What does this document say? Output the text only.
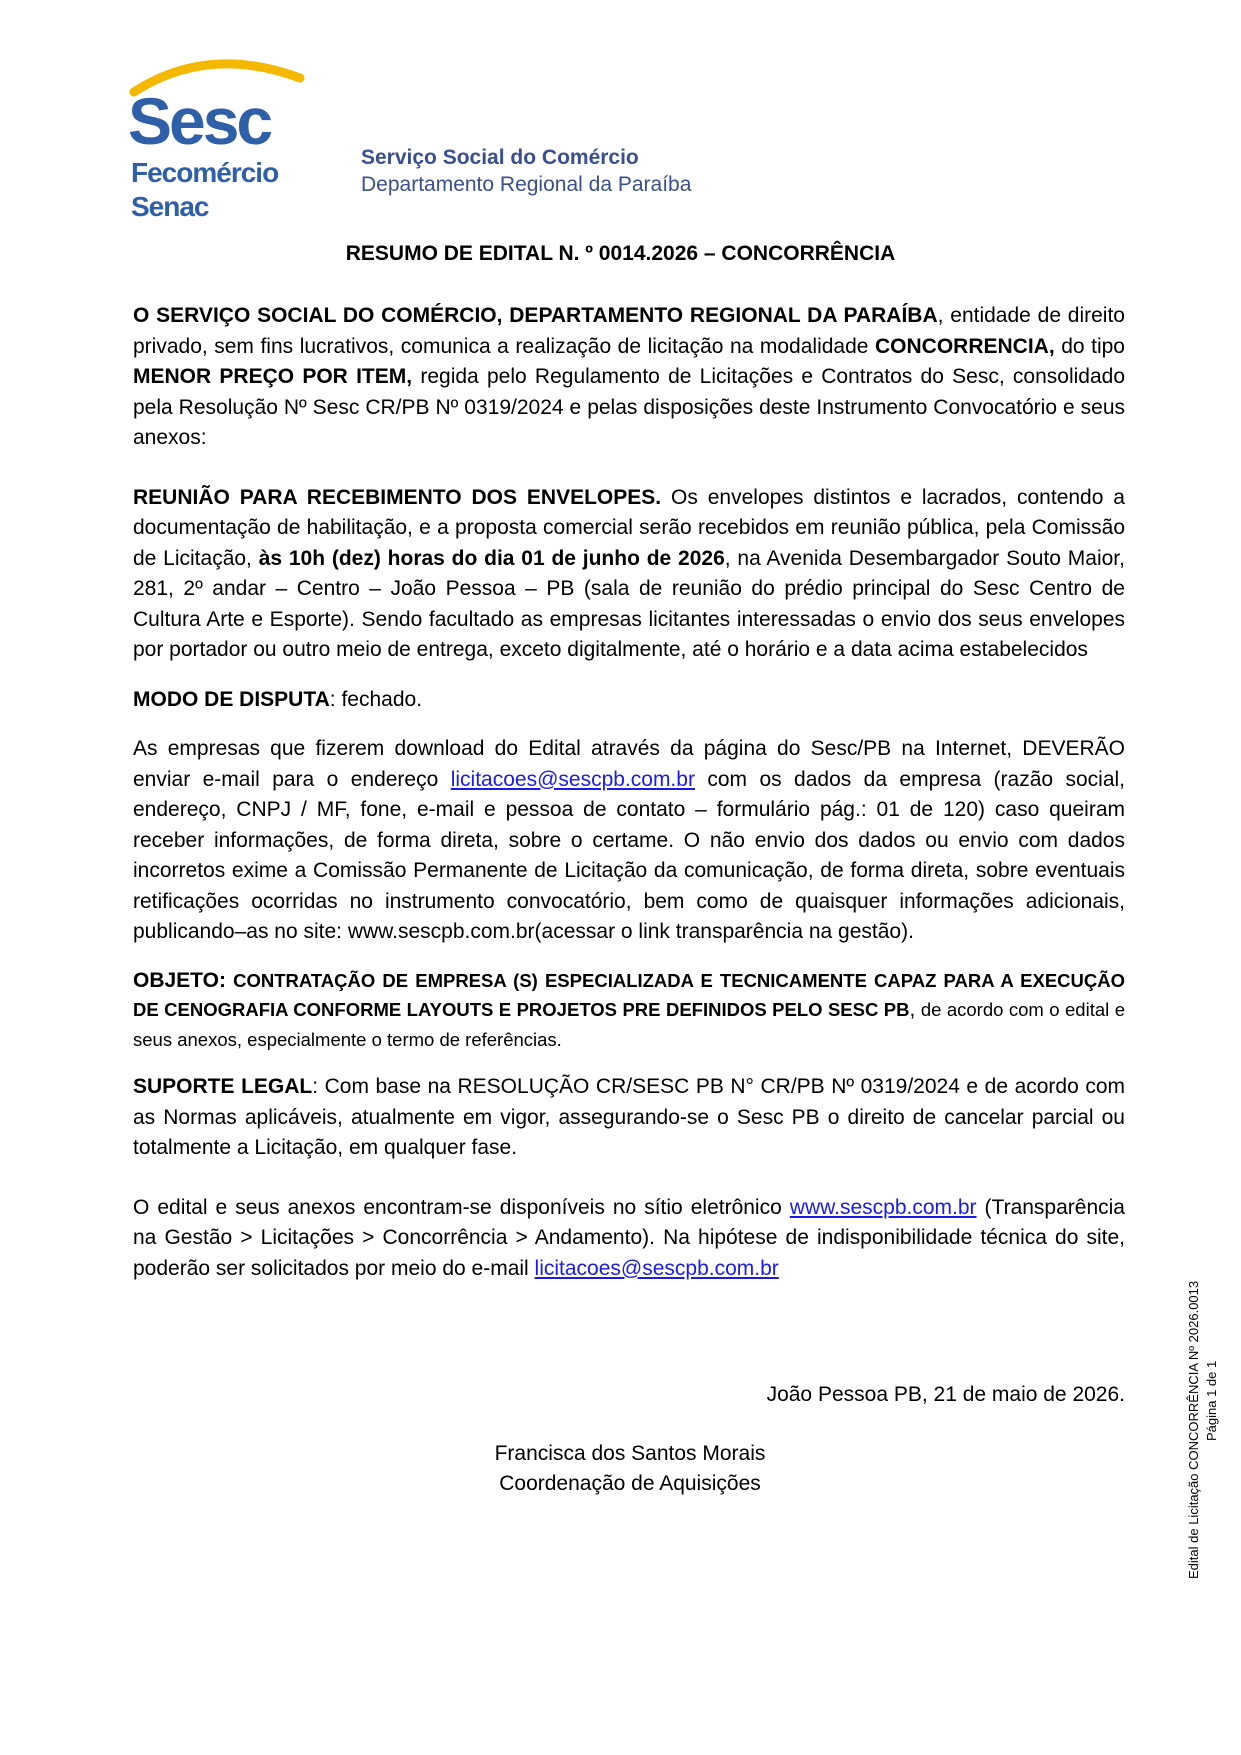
Sesc
Fecomércio
Senac
Serviço Social do Comércio
Departamento Regional da Paraíba
RESUMO DE EDITAL N. º 0014.2026 – CONCORRÊNCIA

O SERVIÇO SOCIAL DO COMÉRCIO, DEPARTAMENTO REGIONAL DA PARAÍBA, entidade de direito privado, sem fins lucrativos, comunica a realização de licitação na modalidade CONCORRENCIA, do tipo MENOR PREÇO POR ITEM, regida pelo Regulamento de Licitações e Contratos do Sesc, consolidado pela Resolução Nº Sesc CR/PB Nº 0319/2024 e pelas disposições deste Instrumento Convocatório e seus anexos:

REUNIÃO PARA RECEBIMENTO DOS ENVELOPES. Os envelopes distintos e lacrados, contendo a documentação de habilitação, e a proposta comercial serão recebidos em reunião pública, pela Comissão de Licitação, às 10h (dez) horas do dia 01 de junho de 2026, na Avenida Desembargador Souto Maior, 281, 2º andar – Centro – João Pessoa – PB (sala de reunião do prédio principal do Sesc Centro de Cultura Arte e Esporte). Sendo facultado as empresas licitantes interessadas o envio dos seus envelopes por portador ou outro meio de entrega, exceto digitalmente, até o horário e a data acima estabelecidos

MODO DE DISPUTA: fechado.

As empresas que fizerem download do Edital através da página do Sesc/PB na Internet, DEVERÃO enviar e-mail para o endereço licitacoes@sescpb.com.br com os dados da empresa (razão social, endereço, CNPJ / MF, fone, e-mail e pessoa de contato – formulário pág.: 01 de 120) caso queiram receber informações, de forma direta, sobre o certame. O não envio dos dados ou envio com dados incorretos exime a Comissão Permanente de Licitação da comunicação, de forma direta, sobre eventuais retificações ocorridas no instrumento convocatório, bem como de quaisquer informações adicionais, publicando–as no site: www.sescpb.com.br(acessar o link transparência na gestão).

OBJETO: CONTRATAÇÃO DE EMPRESA (S) ESPECIALIZADA E TECNICAMENTE CAPAZ PARA A EXECUÇÃO DE CENOGRAFIA CONFORME LAYOUTS E PROJETOS PRE DEFINIDOS PELO SESC PB, de acordo com o edital e seus anexos, especialmente o termo de referências.

SUPORTE LEGAL: Com base na RESOLUÇÃO CR/SESC PB N° CR/PB Nº 0319/2024 e de acordo com as Normas aplicáveis, atualmente em vigor, assegurando-se o Sesc PB o direito de cancelar parcial ou totalmente a Licitação, em qualquer fase.

O edital e seus anexos encontram-se disponíveis no sítio eletrônico www.sescpb.com.br (Transparência na Gestão > Licitações > Concorrência > Andamento). Na hipótese de indisponibilidade técnica do site, poderão ser solicitados por meio do e-mail licitacoes@sescpb.com.br

João Pessoa PB, 21 de maio de 2026.
Francisca dos Santos Morais
Coordenação de Aquisições	Edital de Licitação CONCORRÊNCIA Nº 2026.0013 Página 1 de 1
